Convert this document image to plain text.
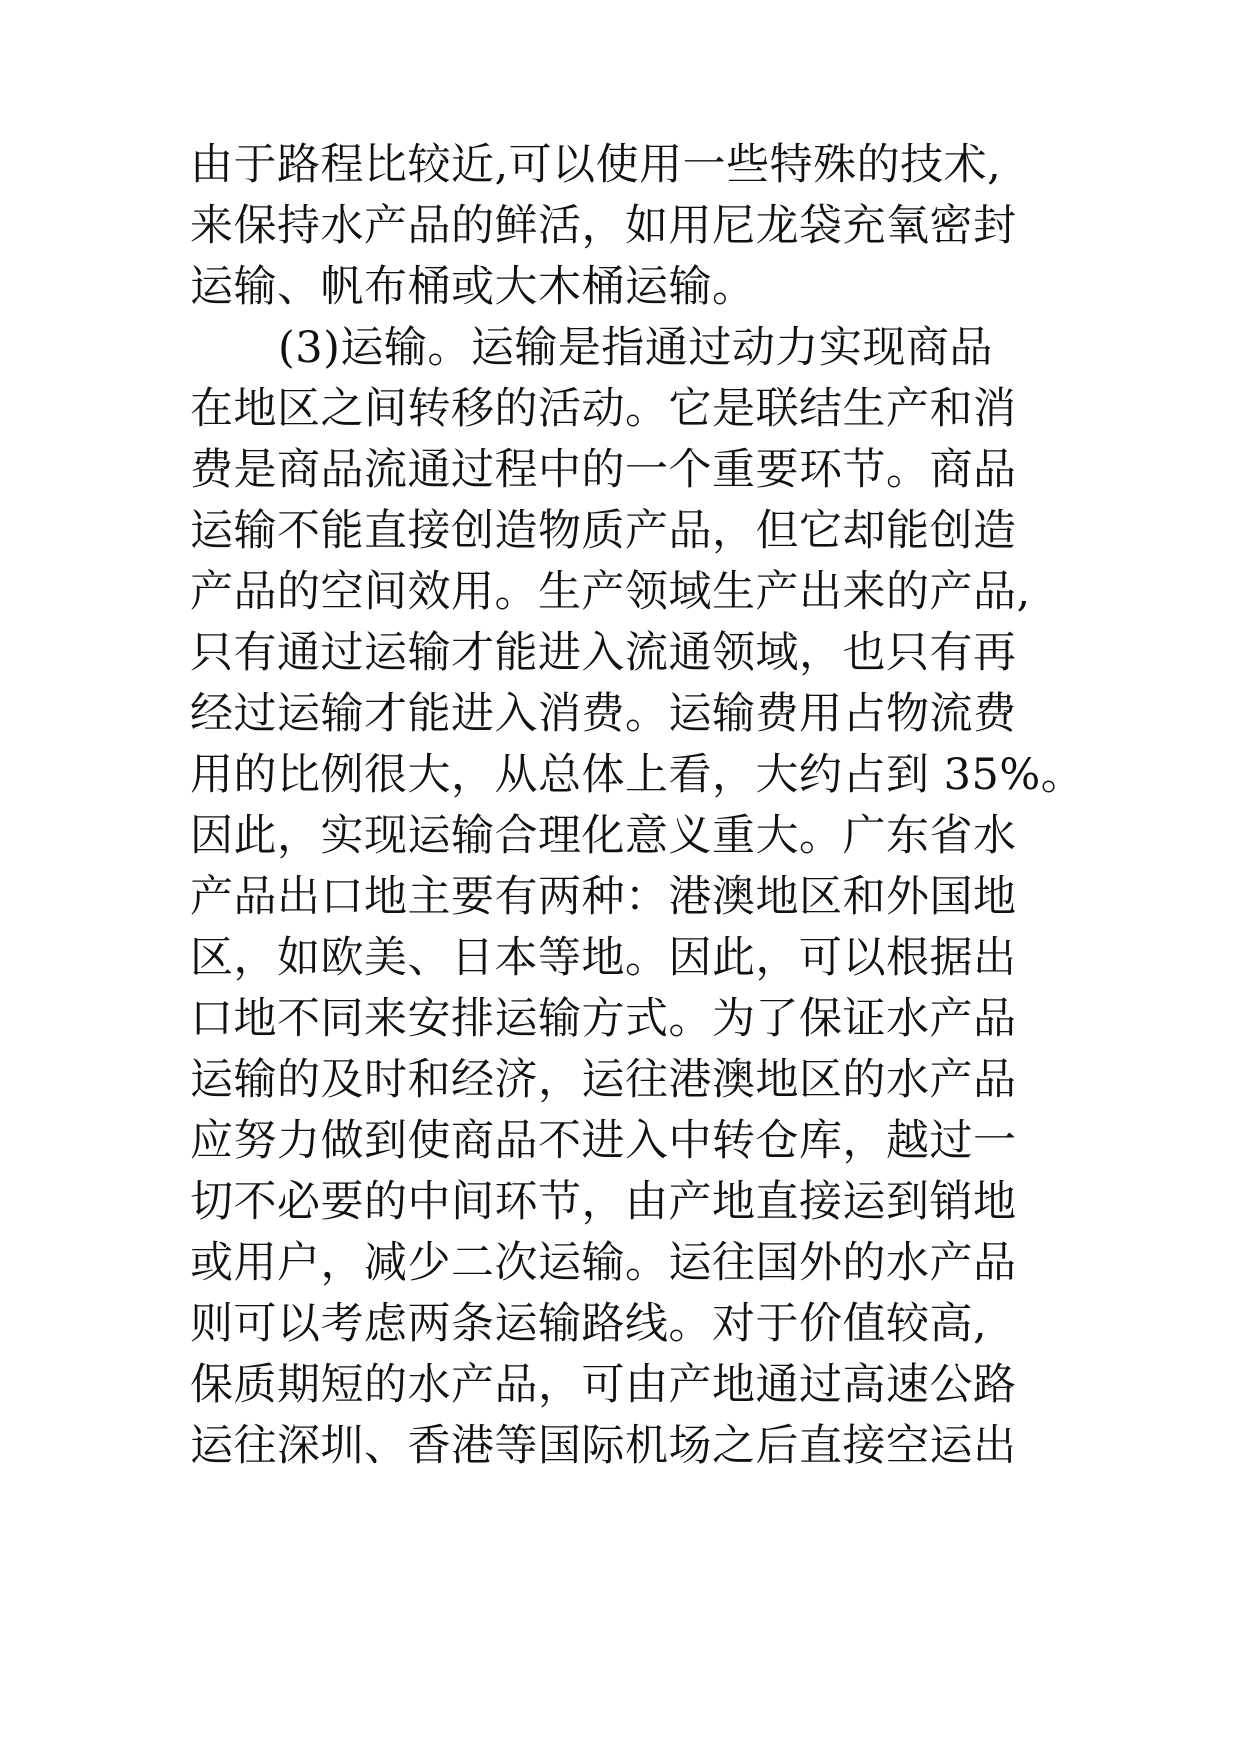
由于路程比较近,可以使用一些特殊的技术,
来保持水产品的鲜活，如用尼龙袋充氧密封
运输、帆布桶或大木桶运输。
(3)运输。运输是指通过动力实现商品
在地区之间转移的活动。它是联结生产和消
费是商品流通过程中的一个重要环节。商品
运输不能直接创造物质产品，但它却能创造
产品的空间效用。生产领域生产出来的产品,
只有通过运输才能进入流通领域，也只有再
经过运输才能进入消费。运输费用占物流费
用的比例很大，从总体上看，大约占到 35%。
因此，实现运输合理化意义重大。广东省水
产品出口地主要有两种：港澳地区和外国地
区，如欧美、日本等地。因此，可以根据出
口地不同来安排运输方式。为了保证水产品
运输的及时和经济，运往港澳地区的水产品
应努力做到使商品不进入中转仓库，越过一
切不必要的中间环节，由产地直接运到销地
或用户，减少二次运输。运往国外的水产品
则可以考虑两条运输路线。对于价值较高,
保质期短的水产品，可由产地通过高速公路
运往深圳、香港等国际机场之后直接空运出
